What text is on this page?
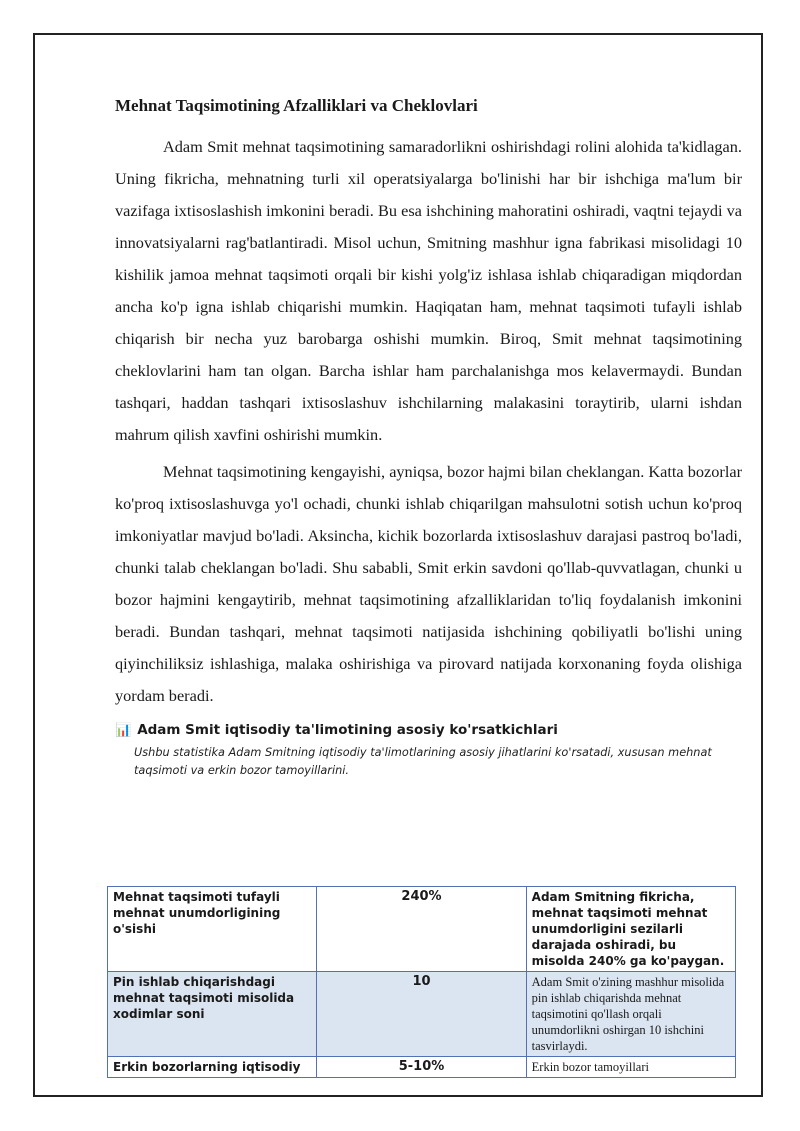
Mehnat Taqsimotining Afzalliklari va Cheklovlari

Adam Smit mehnat taqsimotining samaradorlikni oshirishdagi rolini alohida ta'kidlagan. Uning fikricha, mehnatning turli xil operatsiyalarga bo'linishi har bir ishchiga ma'lum bir vazifaga ixtisoslashish imkonini beradi. Bu esa ishchining mahoratini oshiradi, vaqtni tejaydi va innovatsiyalarni rag'batlantiradi. Misol uchun, Smitning mashhur igna fabrikasi misolidagi 10 kishilik jamoa mehnat taqsimoti orqali bir kishi yolg'iz ishlasa ishlab chiqaradigan miqdordan ancha ko'p igna ishlab chiqarishi mumkin. Haqiqatan ham, mehnat taqsimoti tufayli ishlab chiqarish bir necha yuz barobarga oshishi mumkin. Biroq, Smit mehnat taqsimotining cheklovlarini ham tan olgan. Barcha ishlar ham parchalanishga mos kelavermaydi. Bundan tashqari, haddan tashqari ixtisoslashuv ishchilarning malakasini toraytirib, ularni ishdan mahrum qilish xavfini oshirishi mumkin.

Mehnat taqsimotining kengayishi, ayniqsa, bozor hajmi bilan cheklangan. Katta bozorlar ko'proq ixtisoslashuvga yo'l ochadi, chunki ishlab chiqarilgan mahsulotni sotish uchun ko'proq imkoniyatlar mavjud bo'ladi. Aksincha, kichik bozorlarda ixtisoslashuv darajasi pastroq bo'ladi, chunki talab cheklangan bo'ladi. Shu sababli, Smit erkin savdoni qo'llab-quvvatlagan, chunki u bozor hajmini kengaytirib, mehnat taqsimotining afzalliklaridan to'liq foydalanish imkonini beradi. Bundan tashqari, mehnat taqsimoti natijasida ishchining qobiliyatli bo'lishi uning qiyinchiliksiz ishlashiga, malaka oshirishiga va pirovard natijada korxonaning foyda olishiga yordam beradi.

📊 Adam Smit iqtisodiy ta'limotining asosiy ko'rsatkichlari

Ushbu statistika Adam Smitning iqtisodiy ta'limotlarining asosiy jihatlarini ko'rsatadi, xususan mehnat taqsimoti va erkin bozor tamoyillarini.

Mehnat taqsimoti tufayli mehnat unumdorligining o'sishi	240%	Adam Smitning fikricha, mehnat taqsimoti mehnat unumdorligini sezilarli darajada oshiradi, bu misolda 240% ga ko'paygan.
Pin ishlab chiqarishdagi mehnat taqsimoti misolida xodimlar soni	10	Adam Smit o'zining mashhur misolida pin ishlab chiqarishda mehnat taqsimotini qo'llash orqali unumdorlikni oshirgan 10 ishchini tasvirlaydi.
Erkin bozorlarning iqtisodiy	5-10%	Erkin bozor tamoyillari
